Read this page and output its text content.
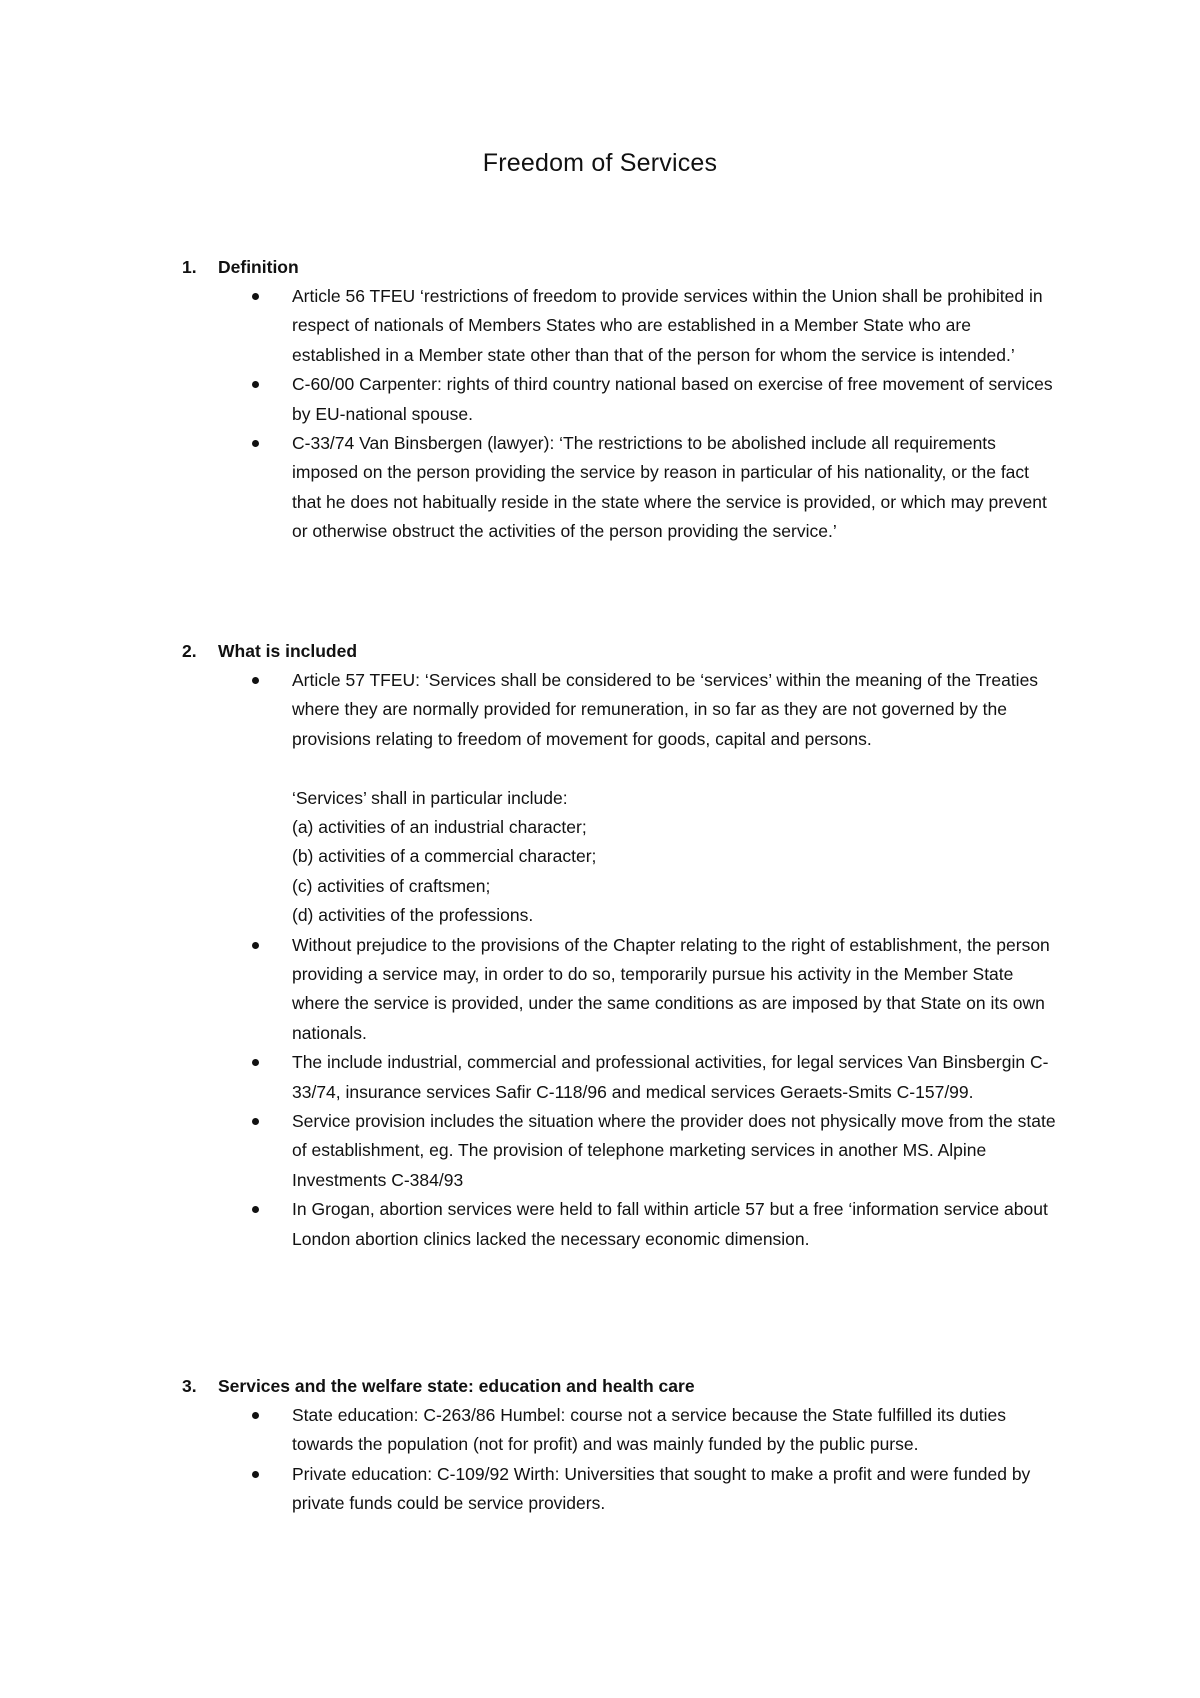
Freedom of Services
1. Definition
Article 56 TFEU ‘restrictions of freedom to provide services within the Union shall be prohibited in respect of nationals of Members States who are established in a Member State who are established in a Member state other than that of the person for whom the service is intended.’
C-60/00 Carpenter: rights of third country national based on exercise of free movement of services by EU-national spouse.
C-33/74 Van Binsbergen (lawyer): ‘The restrictions to be abolished include all requirements imposed on the person providing the service by reason in particular of his nationality, or the fact that he does not habitually reside in the state where the service is provided, or which may prevent or otherwise obstruct the activities of the person providing the service.’
2. What is included
Article 57 TFEU: ‘Services shall be considered to be ‘services’ within the meaning of the Treaties where they are normally provided for remuneration, in so far as they are not governed by the provisions relating to freedom of movement for goods, capital and persons.
‘Services’ shall in particular include:
(a) activities of an industrial character;
(b) activities of a commercial character;
(c) activities of craftsmen;
(d) activities of the professions.
Without prejudice to the provisions of the Chapter relating to the right of establishment, the person providing a service may, in order to do so, temporarily pursue his activity in the Member State where the service is provided, under the same conditions as are imposed by that State on its own nationals.
The include industrial, commercial and professional activities, for legal services Van Binsbergin C-33/74, insurance services Safir C-118/96 and medical services Geraets-Smits C-157/99.
Service provision includes the situation where the provider does not physically move from the state of establishment, eg. The provision of telephone marketing services in another MS. Alpine Investments C-384/93
In Grogan, abortion services were held to fall within article 57 but a free ‘information service about London abortion clinics lacked the necessary economic dimension.
3. Services and the welfare state: education and health care
State education: C-263/86 Humbel: course not a service because the State fulfilled its duties towards the population (not for profit) and was mainly funded by the public purse.
Private education: C-109/92 Wirth: Universities that sought to make a profit and were funded by private funds could be service providers.
